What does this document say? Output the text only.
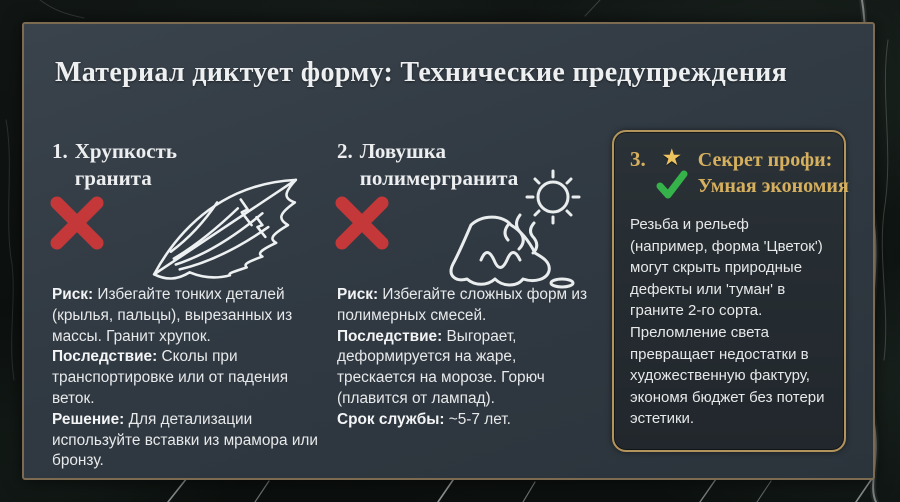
Материал диктует форму: Технические предупреждения
1. Хрупкость
гранита
2. Ловушка
полимергранита

Риск: Избегайте тонких деталей (крылья, пальцы), вырезанных из массы. Гранит хрупок.

Последствие: Сколы при транспортировке или от падения веток.

Решение: Для детализации используйте вставки из мрамора или бронзу.

Риск: Избегайте сложных форм из полимерных смесей.

Последствие: Выгорает, деформируется на жаре, трескается на морозе. Горюч (плавится от лампад).

Срок службы: ~5-7 лет.

3. ★ Секрет профи:
Умная экономия
Резьба и рельеф (например, форма 'Цветок') могут скрыть природные дефекты или 'туман' в граните 2-го сорта. Преломление света превращает недостатки в художественную фактуру, экономя бюджет без потери эстетики.
